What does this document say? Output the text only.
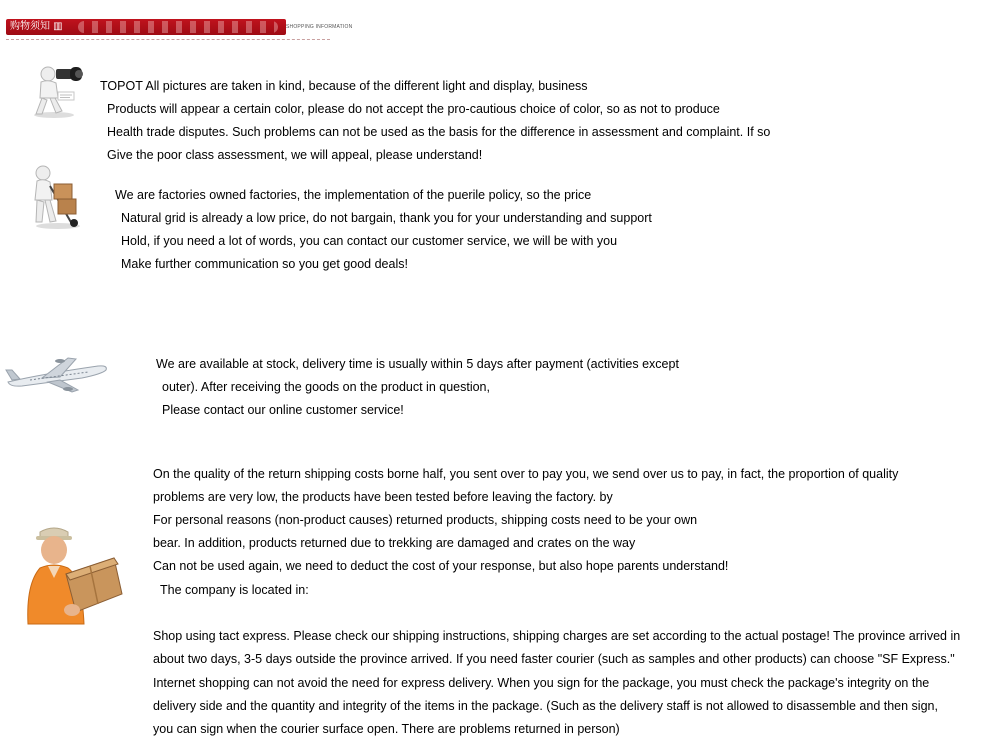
购物须知 ▥	SHOPPING INFORMATION
TOPOT All pictures are taken in kind, because of the different light and display, business
Products will appear a certain color, please do not accept the pro-cautious choice of color, so as not to produce
Health trade disputes. Such problems can not be used as the basis for the difference in assessment and complaint. If so
Give the poor class assessment, we will appeal, please understand!
We are factories owned factories, the implementation of the puerile policy, so the price
Natural grid is already a low price, do not bargain, thank you for your understanding and support
Hold, if you need a lot of words, you can contact our customer service, we will be with you
Make further communication so you get good deals!
We are available at stock, delivery time is usually within 5 days after payment (activities except
outer). After receiving the goods on the product in question,
Please contact our online customer service!
On the quality of the return shipping costs borne half, you sent over to pay you, we send over us to pay, in fact, the proportion of quality
problems are very low, the products have been tested before leaving the factory. by
For personal reasons (non-product causes) returned products, shipping costs need to be your own
bear. In addition, products returned due to trekking are damaged and crates on the way
Can not be used again, we need to deduct the cost of your response, but also hope parents understand!
The company is located in:
Shop using tact express. Please check our shipping instructions, shipping charges are set according to the actual postage! The province arrived in
about two days, 3-5 days outside the province arrived. If you need faster courier (such as samples and other products) can choose "SF Express."
Internet shopping can not avoid the need for express delivery. When you sign for the package, you must check the package's integrity on the
delivery side and the quantity and integrity of the items in the package. (Such as the delivery staff is not allowed to disassemble and then sign,
you can sign when the courier surface open. There are problems returned in person)
